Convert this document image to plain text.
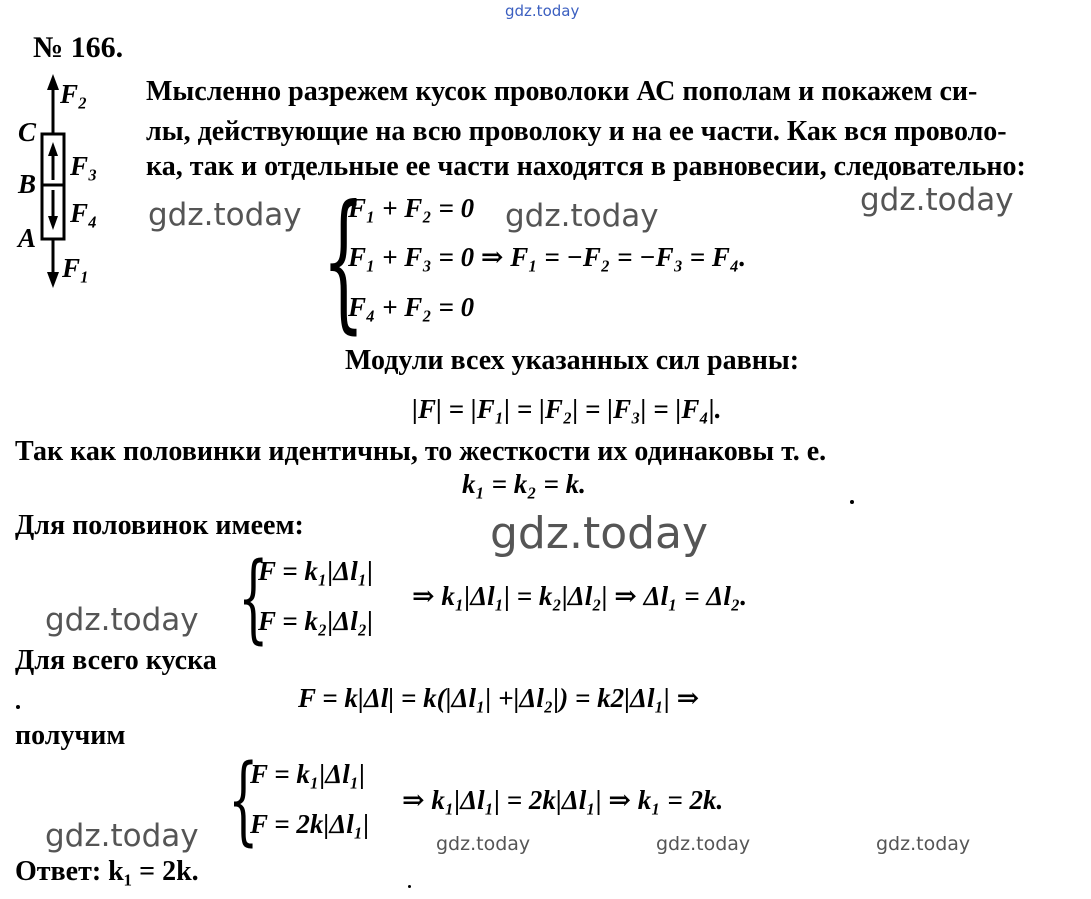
gdz.today
№ 166.
F₂
C
F₃
B
F₄
A
F₁
Мысленно разрежем кусок проволоки АС пополам и покажем си-
лы, действующие на всю проволоку и на ее части. Как вся проволо-
ка, так и отдельные ее части находятся в равновесии, следовательно:
gdz.today	gdz.today	gdz.today
{
F₁ + F₂ = 0
F₁ + F₃ = 0 ⇒ F₁ = −F₂ = −F₃ = F₄.
F₄ + F₂ = 0
Модули всех указанных сил равны:
|F| = |F₁| = |F₂| = |F₃| = |F₄|.
Так как половинки идентичны, то жесткости их одинаковы т. е.
k₁ = k₂ = k.
Для половинок имеем:	gdz.today
{
F = k₁|Δl₁|
F = k₂|Δl₂|
⇒ k₁|Δl₁| = k₂|Δl₂| ⇒ Δl₁ = Δl₂.
gdz.today
Для всего куска
F = k|Δl| = k(|Δl₁| +|Δl₂|) = k2|Δl₁| ⇒
получим
{
F = k₁|Δl₁|
F = 2k|Δl₁|
⇒ k₁|Δl₁| = 2k|Δl₁| ⇒ k₁ = 2k.
gdz.today	gdz.today	gdz.today	gdz.today
Ответ: k₁ = 2k.
